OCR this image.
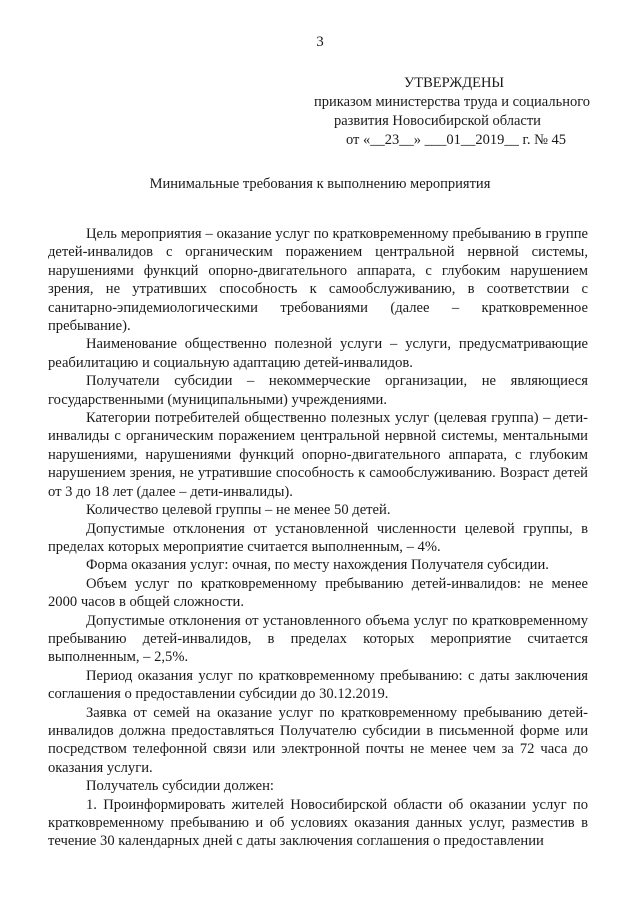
3
УТВЕРЖДЕНЫ
приказом министерства труда и социального
развития Новосибирской области
от «__23__» ___01__2019__ г. № 45
Минимальные требования к выполнению мероприятия

Цель мероприятия – оказание услуг по кратковременному пребыванию в группе детей-инвалидов с органическим поражением центральной нервной системы, нарушениями функций опорно-двигательного аппарата, с глубоким нарушением зрения, не утративших способность к самообслуживанию, в соответствии с санитарно-эпидемиологическими требованиями (далее – кратковременное пребывание).

Наименование общественно полезной услуги – услуги, предусматривающие реабилитацию и социальную адаптацию детей-инвалидов.

Получатели субсидии – некоммерческие организации, не являющиеся государственными (муниципальными) учреждениями.

Категории потребителей общественно полезных услуг (целевая группа) – дети-инвалиды с органическим поражением центральной нервной системы, ментальными нарушениями, нарушениями функций опорно-двигательного аппарата, с глубоким нарушением зрения, не утратившие способность к самообслуживанию. Возраст детей от 3 до 18 лет (далее – дети-инвалиды).

Количество целевой группы – не менее 50 детей.

Допустимые отклонения от установленной численности целевой группы, в пределах которых мероприятие считается выполненным, – 4%.

Форма оказания услуг: очная, по месту нахождения Получателя субсидии.

Объем услуг по кратковременному пребыванию детей-инвалидов: не менее 2000 часов в общей сложности.

Допустимые отклонения от установленного объема услуг по кратковременному пребыванию детей-инвалидов, в пределах которых мероприятие считается выполненным, – 2,5%.

Период оказания услуг по кратковременному пребыванию: с даты заключения соглашения о предоставлении субсидии до 30.12.2019.

Заявка от семей на оказание услуг по кратковременному пребыванию детей-инвалидов должна предоставляться Получателю субсидии в письменной форме или посредством телефонной связи или электронной почты не менее чем за 72 часа до оказания услуги.

Получатель субсидии должен:

1. Проинформировать жителей Новосибирской области об оказании услуг по кратковременному пребыванию и об условиях оказания данных услуг, разместив в течение 30 календарных дней с даты заключения соглашения о предоставлении
